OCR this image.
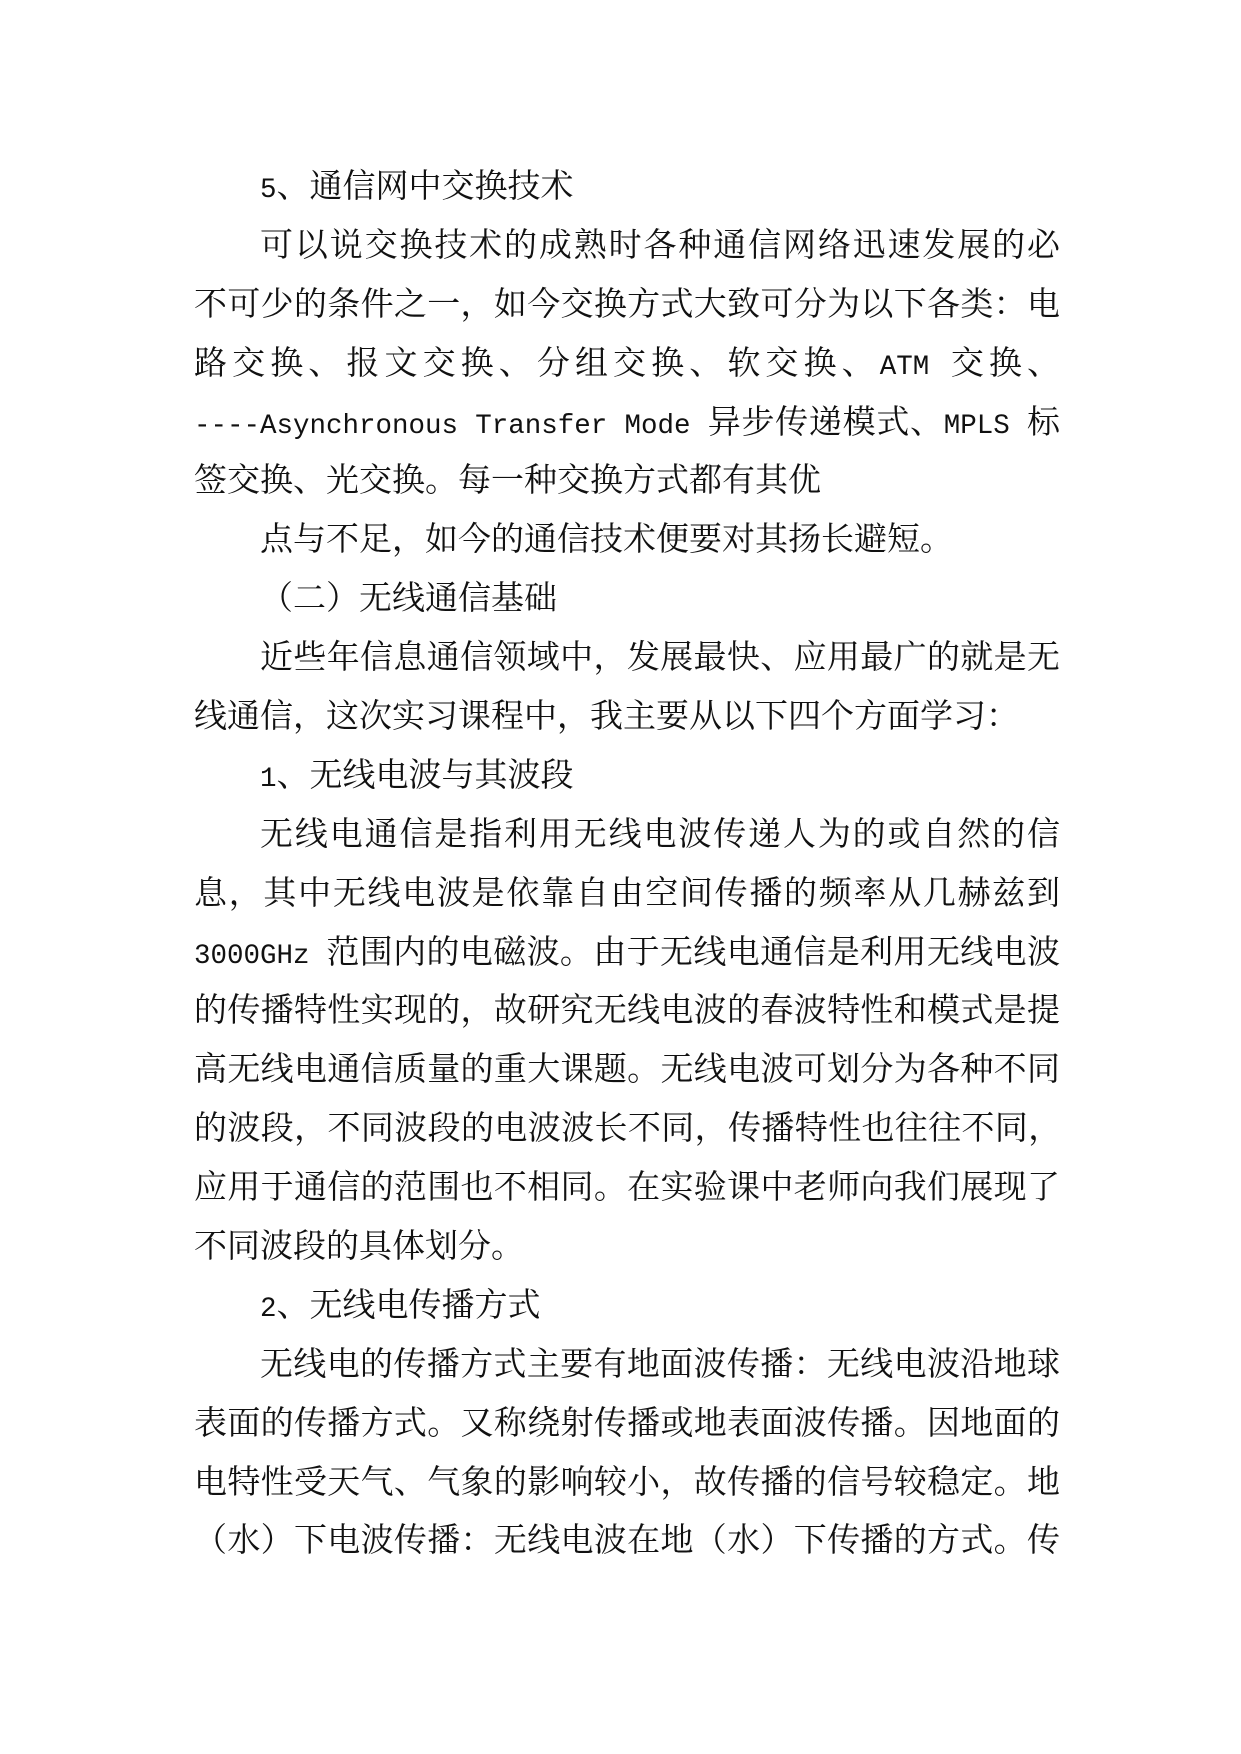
5、通信网中交换技术
可以说交换技术的成熟时各种通信网络迅速发展的必
不可少的条件之一，如今交换方式大致可分为以下各类：电
路交换、报文交换、分组交换、软交换、ATM 交换、
----Asynchronous Transfer Mode 异步传递模式、MPLS 标
签交换、光交换。每一种交换方式都有其优
点与不足，如今的通信技术便要对其扬长避短。
（二）无线通信基础
近些年信息通信领域中，发展最快、应用最广的就是无
线通信，这次实习课程中，我主要从以下四个方面学习：
1、无线电波与其波段
无线电通信是指利用无线电波传递人为的或自然的信
息，其中无线电波是依靠自由空间传播的频率从几赫兹到
3000GHz 范围内的电磁波。由于无线电通信是利用无线电波
的传播特性实现的，故研究无线电波的春波特性和模式是提
高无线电通信质量的重大课题。无线电波可划分为各种不同
的波段，不同波段的电波波长不同，传播特性也往往不同，
应用于通信的范围也不相同。在实验课中老师向我们展现了
不同波段的具体划分。
2、无线电传播方式
无线电的传播方式主要有地面波传播：无线电波沿地球
表面的传播方式。又称绕射传播或地表面波传播。因地面的
电特性受天气、气象的影响较小，故传播的信号较稳定。地
（水）下电波传播：无线电波在地（水）下传播的方式。传
